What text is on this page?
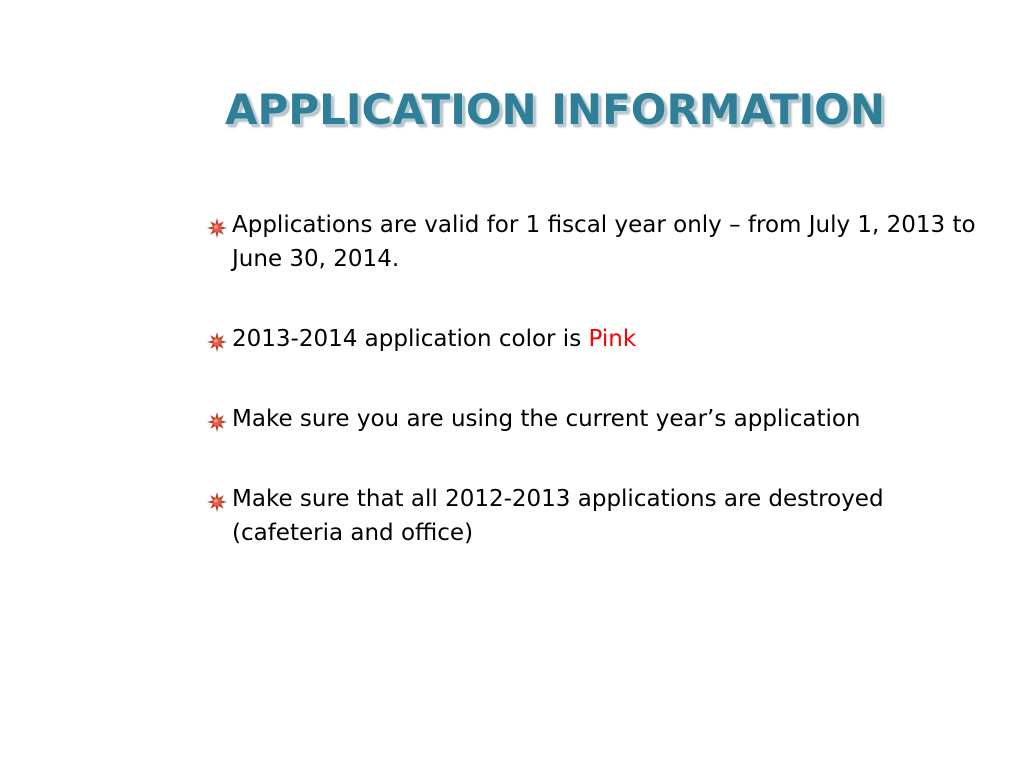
APPLICATION INFORMATION
Applications are valid for 1 fiscal year only – from July 1, 2013 to June 30, 2014.
2013-2014 application color is Pink
Make sure you are using the current year’s application
Make sure that all 2012-2013 applications are destroyed (cafeteria and office)
